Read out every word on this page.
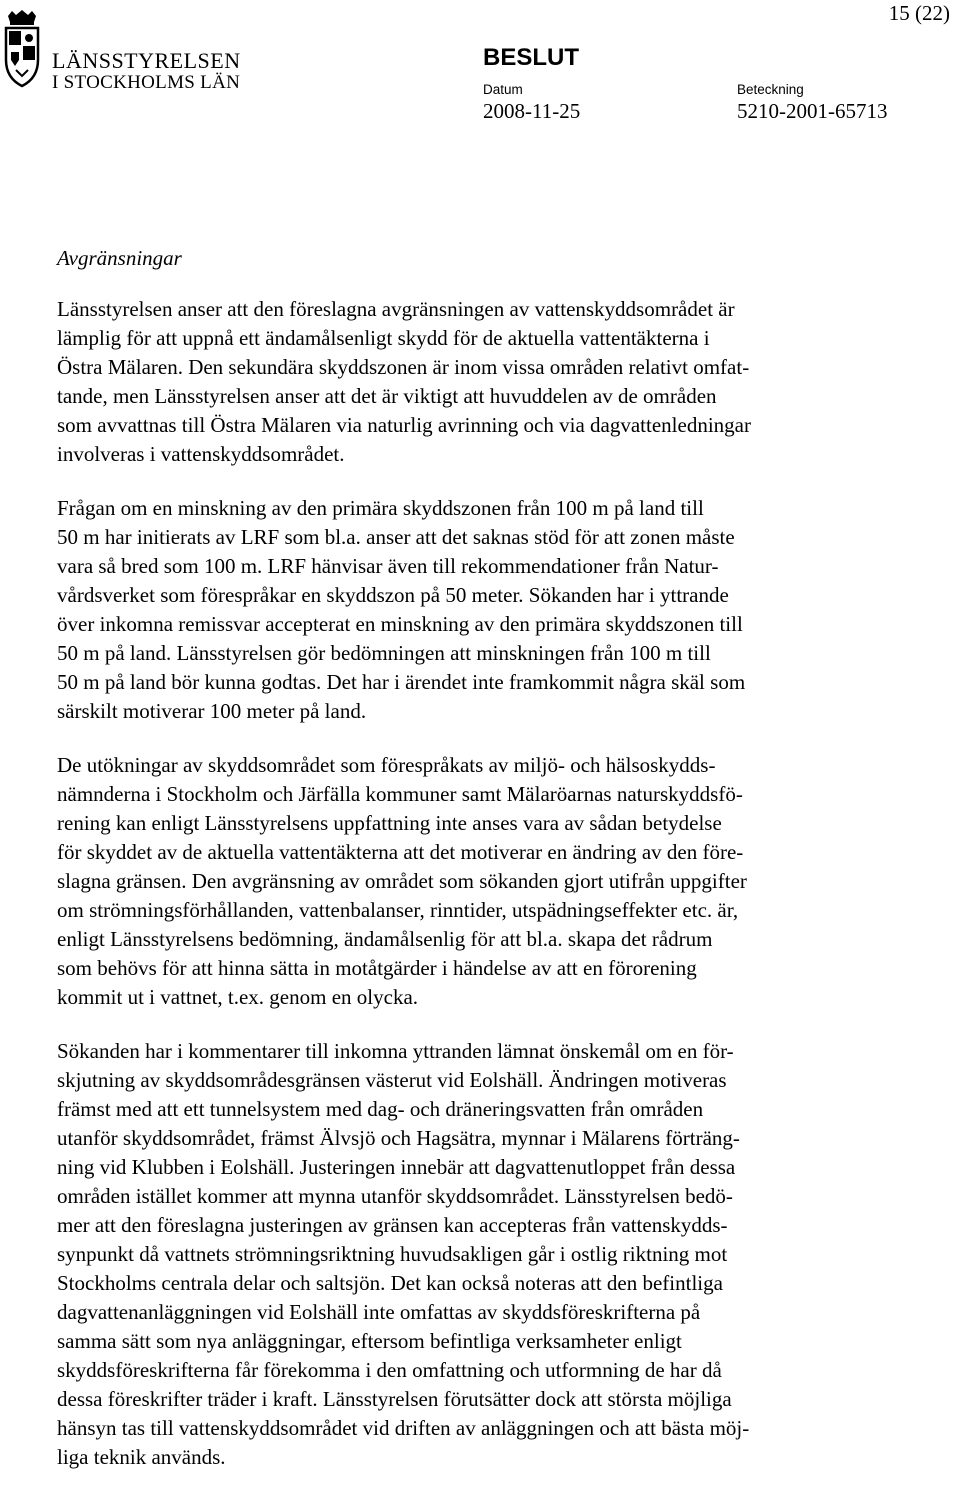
LÄNSSTYRELSEN
I STOCKHOLMS LÄN
15 (22)
BESLUT
Datum
2008-11-25
Beteckning
5210-2001-65713
Avgränsningar
Länsstyrelsen anser att den föreslagna avgränsningen av vattenskyddsområdet är
lämplig för att uppnå ett ändamålsenligt skydd för de aktuella vattentäkterna i
Östra Mälaren. Den sekundära skyddszonen är inom vissa områden relativt omfat-
tande, men Länsstyrelsen anser att det är viktigt att huvuddelen av de områden
som avvattnas till Östra Mälaren via naturlig avrinning och via dagvattenledningar
involveras i vattenskyddsområdet.
Frågan om en minskning av den primära skyddszonen från 100 m på land till
50 m har initierats av LRF som bl.a. anser att det saknas stöd för att zonen måste
vara så bred som 100 m. LRF hänvisar även till rekommendationer från Natur-
vårdsverket som förespråkar en skyddszon på 50 meter. Sökanden har i yttrande
över inkomna remissvar accepterat en minskning av den primära skyddszonen till
50 m på land. Länsstyrelsen gör bedömningen att minskningen från 100 m till
50 m på land bör kunna godtas. Det har i ärendet inte framkommit några skäl som
särskilt motiverar 100 meter på land.
De utökningar av skyddsområdet som förespråkats av miljö- och hälsoskydds-
nämnderna i Stockholm och Järfälla kommuner samt Mälaröarnas naturskyddsfö-
rening kan enligt Länsstyrelsens uppfattning inte anses vara av sådan betydelse
för skyddet av de aktuella vattentäkterna att det motiverar en ändring av den före-
slagna gränsen. Den avgränsning av området som sökanden gjort utifrån uppgifter
om strömningsförhållanden, vattenbalanser, rinntider, utspädningseffekter etc. är,
enligt Länsstyrelsens bedömning, ändamålsenlig för att bl.a. skapa det rådrum
som behövs för att hinna sätta in motåtgärder i händelse av att en förorening
kommit ut i vattnet, t.ex. genom en olycka.
Sökanden har i kommentarer till inkomna yttranden lämnat önskemål om en för-
skjutning av skyddsområdesgränsen västerut vid Eolshäll. Ändringen motiveras
främst med att ett tunnelsystem med dag- och dräneringsvatten från områden
utanför skyddsområdet, främst Älvsjö och Hagsätra, mynnar i Mälarens förträng-
ning vid Klubben i Eolshäll. Justeringen innebär att dagvattenutloppet från dessa
områden istället kommer att mynna utanför skyddsområdet. Länsstyrelsen bedö-
mer att den föreslagna justeringen av gränsen kan accepteras från vattenskydds-
synpunkt då vattnets strömningsriktning huvudsakligen går i ostlig riktning mot
Stockholms centrala delar och saltsjön. Det kan också noteras att den befintliga
dagvattenanläggningen vid Eolshäll inte omfattas av skyddsföreskrifterna på
samma sätt som nya anläggningar, eftersom befintliga verksamheter enligt
skyddsföreskrifterna får förekomma i den omfattning och utformning de har då
dessa föreskrifter träder i kraft. Länsstyrelsen förutsätter dock att största möjliga
hänsyn tas till vattenskyddsområdet vid driften av anläggningen och att bästa möj-
liga teknik används.
